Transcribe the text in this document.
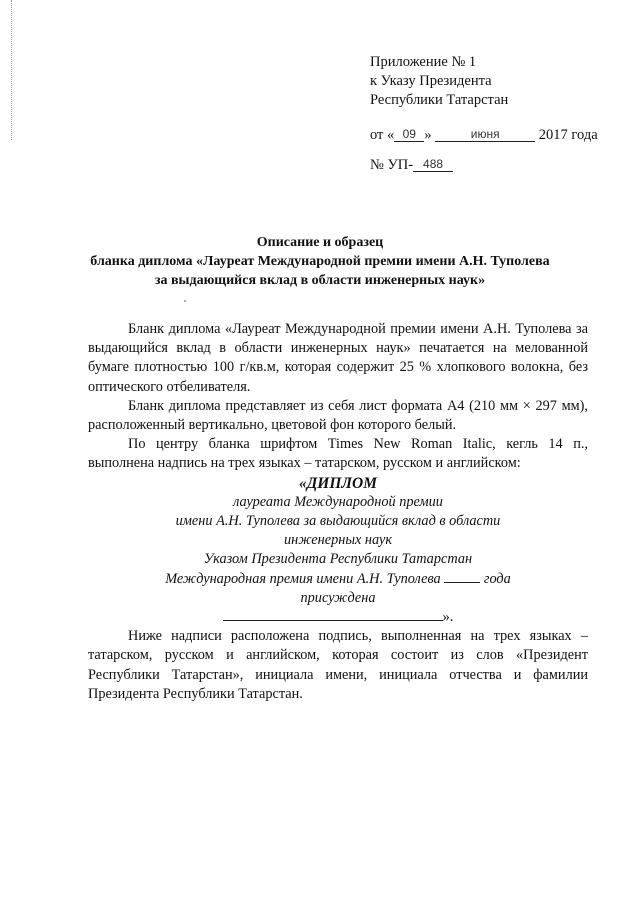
Приложение № 1
к Указу Президента
Республики Татарстан
от « 09 »	июня	2017 года
№ УП- 488
Описание и образец
бланка диплома «Лауреат Международной премии имени А.Н. Туполева
за выдающийся вклад в области инженерных наук»

Бланк диплома «Лауреат Международной премии имени А.Н. Туполева за выдающийся вклад в области инженерных наук» печатается на мелованной бумаге плотностью 100 г/кв.м, которая содержит 25 % хлопкового волокна, без оптического отбеливателя.

Бланк диплома представляет из себя лист формата А4 (210 мм × 297 мм), расположенный вертикально, цветовой фон которого белый.

По центру бланка шрифтом Times New Roman Italic, кегль 14 п., выполнена надпись на трех языках – татарском, русском и английском:

«ДИПЛОМ
лауреата Международной премии
имени А.Н. Туполева за выдающийся вклад в области
инженерных наук
Указом Президента Республики Татарстан
Международная премия имени А.Н. Туполева	года
присуждена
».

Ниже надписи расположена подпись, выполненная на трех языках – татарском, русском и английском, которая состоит из слов «Президент Республики Татарстан», инициала имени, инициала отчества и фамилии Президента Республики Татарстан.
